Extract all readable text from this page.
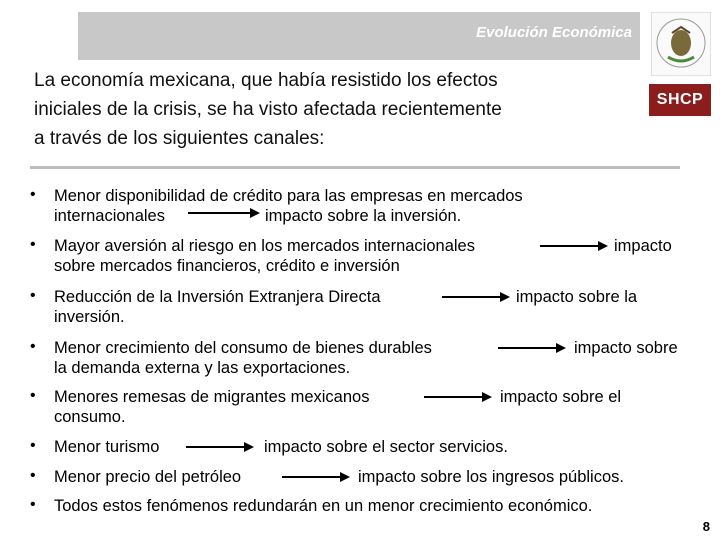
Evolución Económica
SHCP
La economía mexicana, que había resistido los efectos
iniciales de la crisis, se ha visto afectada recientemente
a través de los siguientes canales:
• Menor disponibilidad de crédito para las empresas en mercados
internacionales	impacto sobre la inversión.
• Mayor aversión al riesgo en los mercados internacionales	impacto
sobre mercados financieros, crédito e inversión
• Reducción de la Inversión Extranjera Directa	impacto sobre la
inversión.
• Menor crecimiento del consumo de bienes durables	impacto sobre
la demanda externa y las exportaciones.
• Menores remesas de migrantes mexicanos	impacto sobre el
consumo.
• Menor turismo	impacto sobre el sector servicios.
• Menor precio del petróleo	impacto sobre los ingresos públicos.
• Todos estos fenómenos redundarán en un menor crecimiento económico.
8
